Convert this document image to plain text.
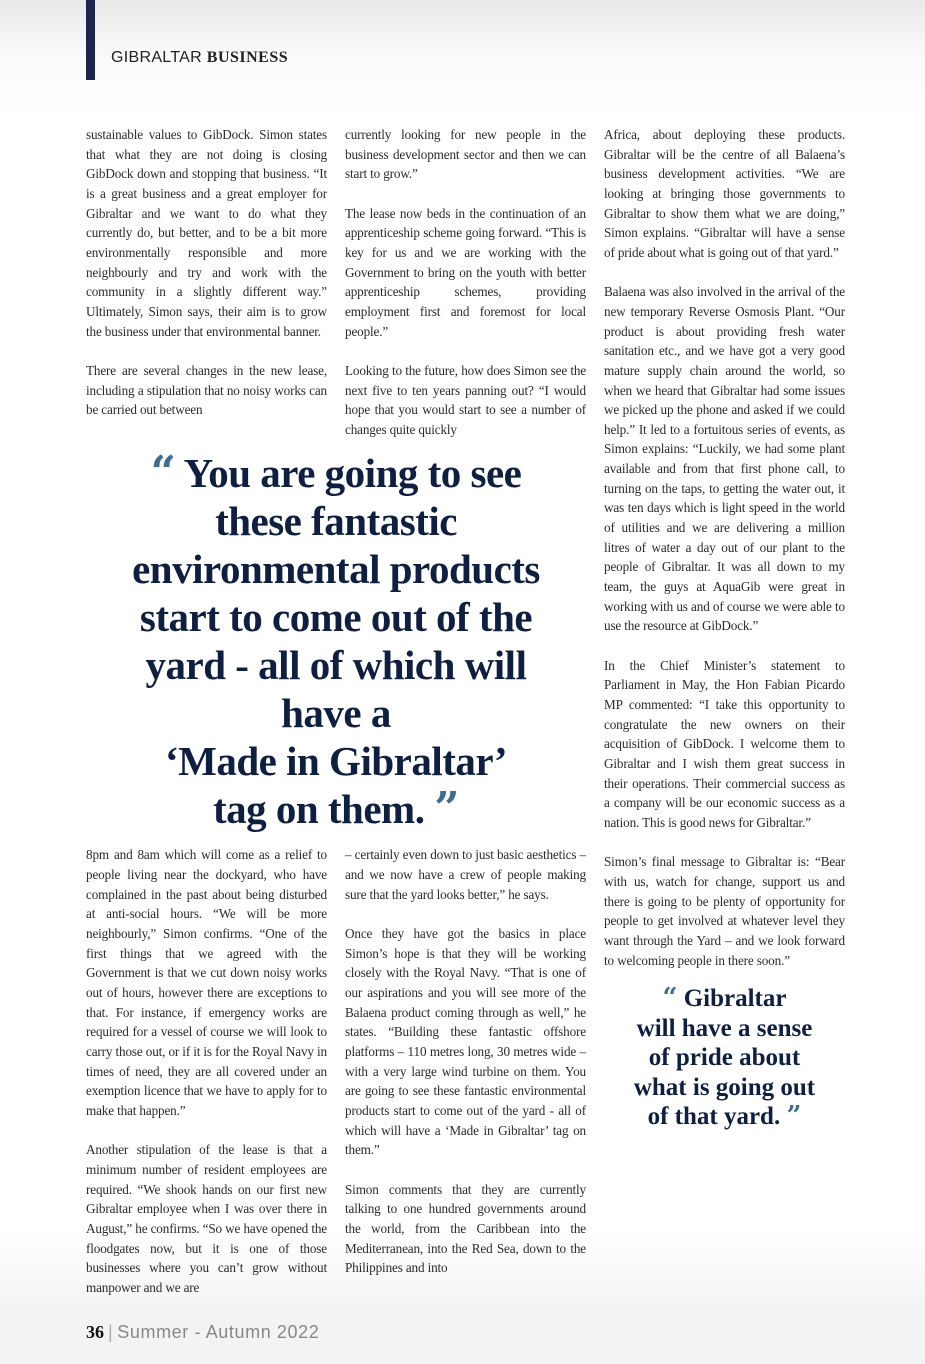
GIBRALTAR BUSINESS

sustainable values to GibDock. Simon states that what they are not doing is closing GibDock down and stopping that business. “It is a great business and a great employer for Gibraltar and we want to do what they currently do, but better, and to be a bit more environmentally responsible and more neighbourly and try and work with the community in a slightly different way.” Ultimately, Simon says, their aim is to grow the business under that environmental banner.

There are several changes in the new lease, including a stipulation that no noisy works can be carried out between

currently looking for new people in the business development sector and then we can start to grow.”

The lease now beds in the continuation of an apprenticeship scheme going forward. “This is key for us and we are working with the Government to bring on the youth with better apprenticeship schemes, providing employment first and foremost for local people.”

Looking to the future, how does Simon see the next five to ten years panning out? “I would hope that you would start to see a number of changes quite quickly

“ You are going to see
these fantastic
environmental products
start to come out of the
yard - all of which will
have a
‘Made in Gibraltar’
tag on them. ”

8pm and 8am which will come as a relief to people living near the dockyard, who have complained in the past about being disturbed at anti-social hours. “We will be more neighbourly,” Simon confirms. “One of the first things that we agreed with the Government is that we cut down noisy works out of hours, however there are exceptions to that. For instance, if emergency works are required for a vessel of course we will look to carry those out, or if it is for the Royal Navy in times of need, they are all covered under an exemption licence that we have to apply for to make that happen.”

Another stipulation of the lease is that a minimum number of resident employees are required. “We shook hands on our first new Gibraltar employee when I was over there in August,” he confirms. “So we have opened the floodgates now, but it is one of those businesses where you can’t grow without manpower and we are

– certainly even down to just basic aesthetics – and we now have a crew of people making sure that the yard looks better,” he says.

Once they have got the basics in place Simon’s hope is that they will be working closely with the Royal Navy. “That is one of our aspirations and you will see more of the Balaena product coming through as well,” he states. “Building these fantastic offshore platforms – 110 metres long, 30 metres wide – with a very large wind turbine on them. You are going to see these fantastic environmental products start to come out of the yard - all of which will have a ‘Made in Gibraltar’ tag on them.”

Simon comments that they are currently talking to one hundred governments around the world, from the Caribbean into the Mediterranean, into the Red Sea, down to the Philippines and into

Africa, about deploying these products. Gibraltar will be the centre of all Balaena’s business development activities. “We are looking at bringing those governments to Gibraltar to show them what we are doing,” Simon explains. “Gibraltar will have a sense of pride about what is going out of that yard.”

Balaena was also involved in the arrival of the new temporary Reverse Osmosis Plant. “Our product is about providing fresh water sanitation etc., and we have got a very good mature supply chain around the world, so when we heard that Gibraltar had some issues we picked up the phone and asked if we could help.” It led to a fortuitous series of events, as Simon explains: “Luckily, we had some plant available and from that first phone call, to turning on the taps, to getting the water out, it was ten days which is light speed in the world of utilities and we are delivering a million litres of water a day out of our plant to the people of Gibraltar. It was all down to my team, the guys at AquaGib were great in working with us and of course we were able to use the resource at GibDock.”

In the Chief Minister’s statement to Parliament in May, the Hon Fabian Picardo MP commented: “I take this opportunity to congratulate the new owners on their acquisition of GibDock. I welcome them to Gibraltar and I wish them great success in their operations. Their commercial success as a company will be our economic success as a nation. This is good news for Gibraltar.”

Simon’s final message to Gibraltar is: “Bear with us, watch for change, support us and there is going to be plenty of opportunity for people to get involved at whatever level they want through the Yard – and we look forward to welcoming people in there soon.”

“ Gibraltar
will have a sense
of pride about
what is going out
of that yard. ”
36 | Summer - Autumn 2022
